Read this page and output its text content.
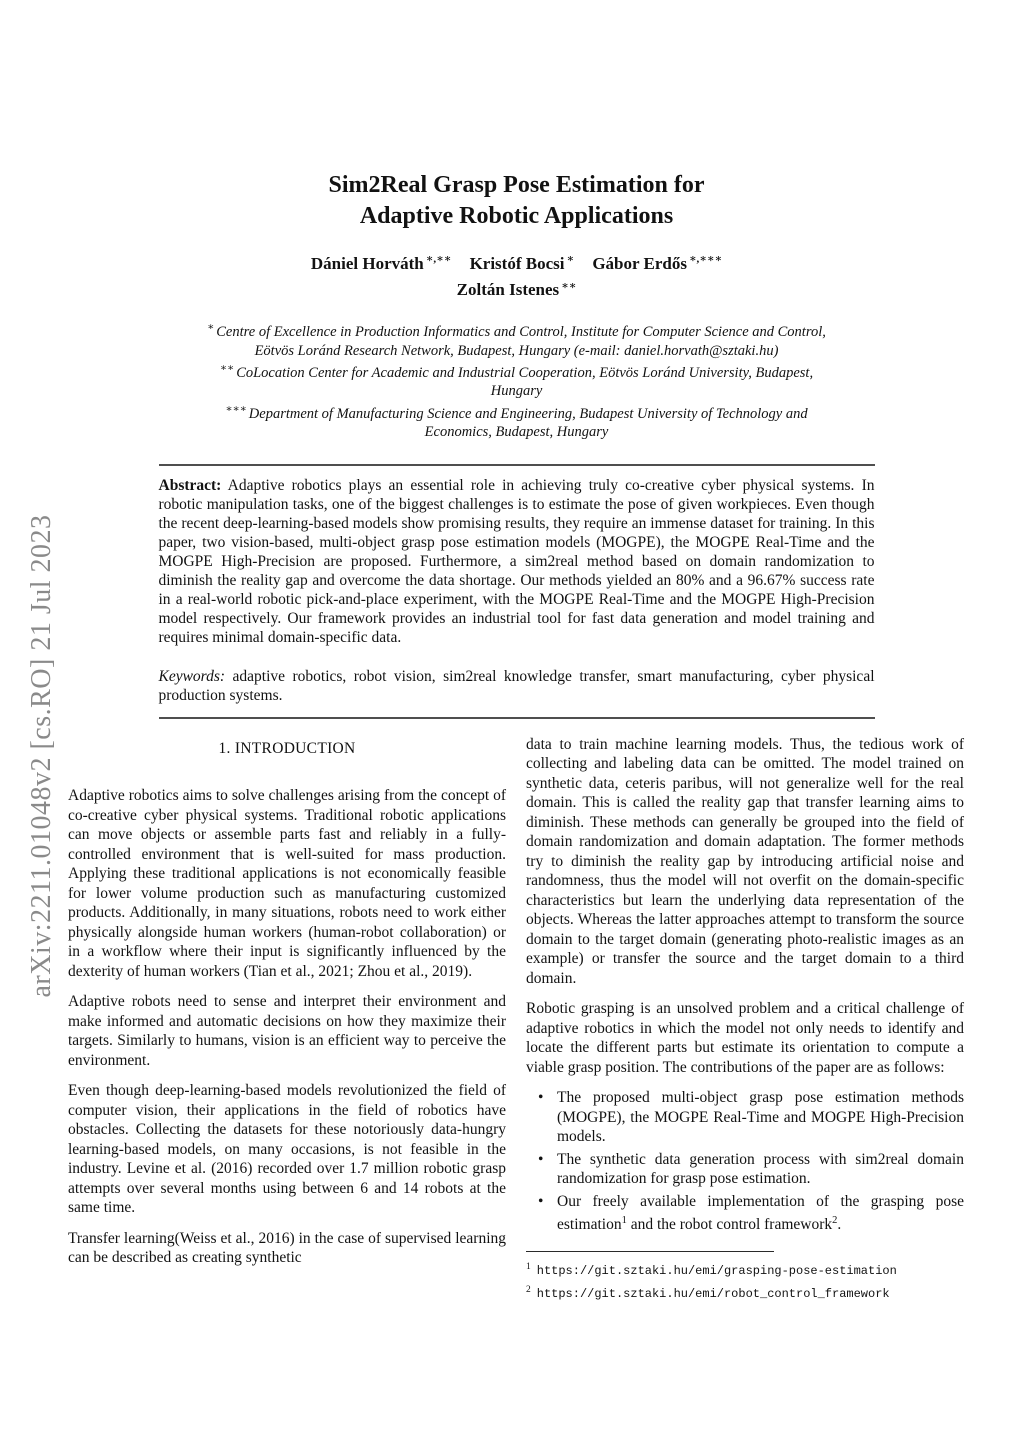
arXiv:2211.01048v2 [cs.RO] 21 Jul 2023
Sim2Real Grasp Pose Estimation for
Adaptive Robotic Applications
Dániel Horváth ∗,∗∗ Kristóf Bocsi ∗ Gábor Erdős ∗,∗∗∗
Zoltán Istenes ∗∗

∗ Centre of Excellence in Production Informatics and Control, Institute for Computer Science and Control, Eötvös Loránd Research Network, Budapest, Hungary (e-mail: daniel.horvath@sztaki.hu)

∗∗ CoLocation Center for Academic and Industrial Cooperation, Eötvös Loránd University, Budapest, Hungary

∗∗∗ Department of Manufacturing Science and Engineering, Budapest University of Technology and Economics, Budapest, Hungary

Abstract: Adaptive robotics plays an essential role in achieving truly co-creative cyber physical systems. In robotic manipulation tasks, one of the biggest challenges is to estimate the pose of given workpieces. Even though the recent deep-learning-based models show promising results, they require an immense dataset for training. In this paper, two vision-based, multi-object grasp pose estimation models (MOGPE), the MOGPE Real-Time and the MOGPE High-Precision are proposed. Furthermore, a sim2real method based on domain randomization to diminish the reality gap and overcome the data shortage. Our methods yielded an 80% and a 96.67% success rate in a real-world robotic pick-and-place experiment, with the MOGPE Real-Time and the MOGPE High-Precision model respectively. Our framework provides an industrial tool for fast data generation and model training and requires minimal domain-specific data.

Keywords: adaptive robotics, robot vision, sim2real knowledge transfer, smart manufacturing, cyber physical production systems.

1. INTRODUCTION

Adaptive robotics aims to solve challenges arising from the concept of co-creative cyber physical systems. Traditional robotic applications can move objects or assemble parts fast and reliably in a fully-controlled environment that is well-suited for mass production. Applying these traditional applications is not economically feasible for lower volume production such as manufacturing customized products. Additionally, in many situations, robots need to work either physically alongside human workers (human-robot collaboration) or in a workflow where their input is significantly influenced by the dexterity of human workers (Tian et al., 2021; Zhou et al., 2019).

Adaptive robots need to sense and interpret their environment and make informed and automatic decisions on how they maximize their targets. Similarly to humans, vision is an efficient way to perceive the environment.

Even though deep-learning-based models revolutionized the field of computer vision, their applications in the field of robotics have obstacles. Collecting the datasets for these notoriously data-hungry learning-based models, on many occasions, is not feasible in the industry. Levine et al. (2016) recorded over 1.7 million robotic grasp attempts over several months using between 6 and 14 robots at the same time.

Transfer learning(Weiss et al., 2016) in the case of supervised learning can be described as creating synthetic

data to train machine learning models. Thus, the tedious work of collecting and labeling data can be omitted. The model trained on synthetic data, ceteris paribus, will not generalize well for the real domain. This is called the reality gap that transfer learning aims to diminish. These methods can generally be grouped into the field of domain randomization and domain adaptation. The former methods try to diminish the reality gap by introducing artificial noise and randomness, thus the model will not overfit on the domain-specific characteristics but learn the underlying data representation of the objects. Whereas the latter approaches attempt to transform the source domain to the target domain (generating photo-realistic images as an example) or transfer the source and the target domain to a third domain.

Robotic grasping is an unsolved problem and a critical challenge of adaptive robotics in which the model not only needs to identify and locate the different parts but estimate its orientation to compute a viable grasp position. The contributions of the paper are as follows:

• The proposed multi-object grasp pose estimation methods (MOGPE), the MOGPE Real-Time and MOGPE High-Precision models.
• The synthetic data generation process with sim2real domain randomization for grasp pose estimation.
• Our freely available implementation of the grasping pose estimation$^1$ and the robot control framework$^2$.

$^1$ https://git.sztaki.hu/emi/grasping-pose-estimation

$^2$ https://git.sztaki.hu/emi/robot_control_framework
